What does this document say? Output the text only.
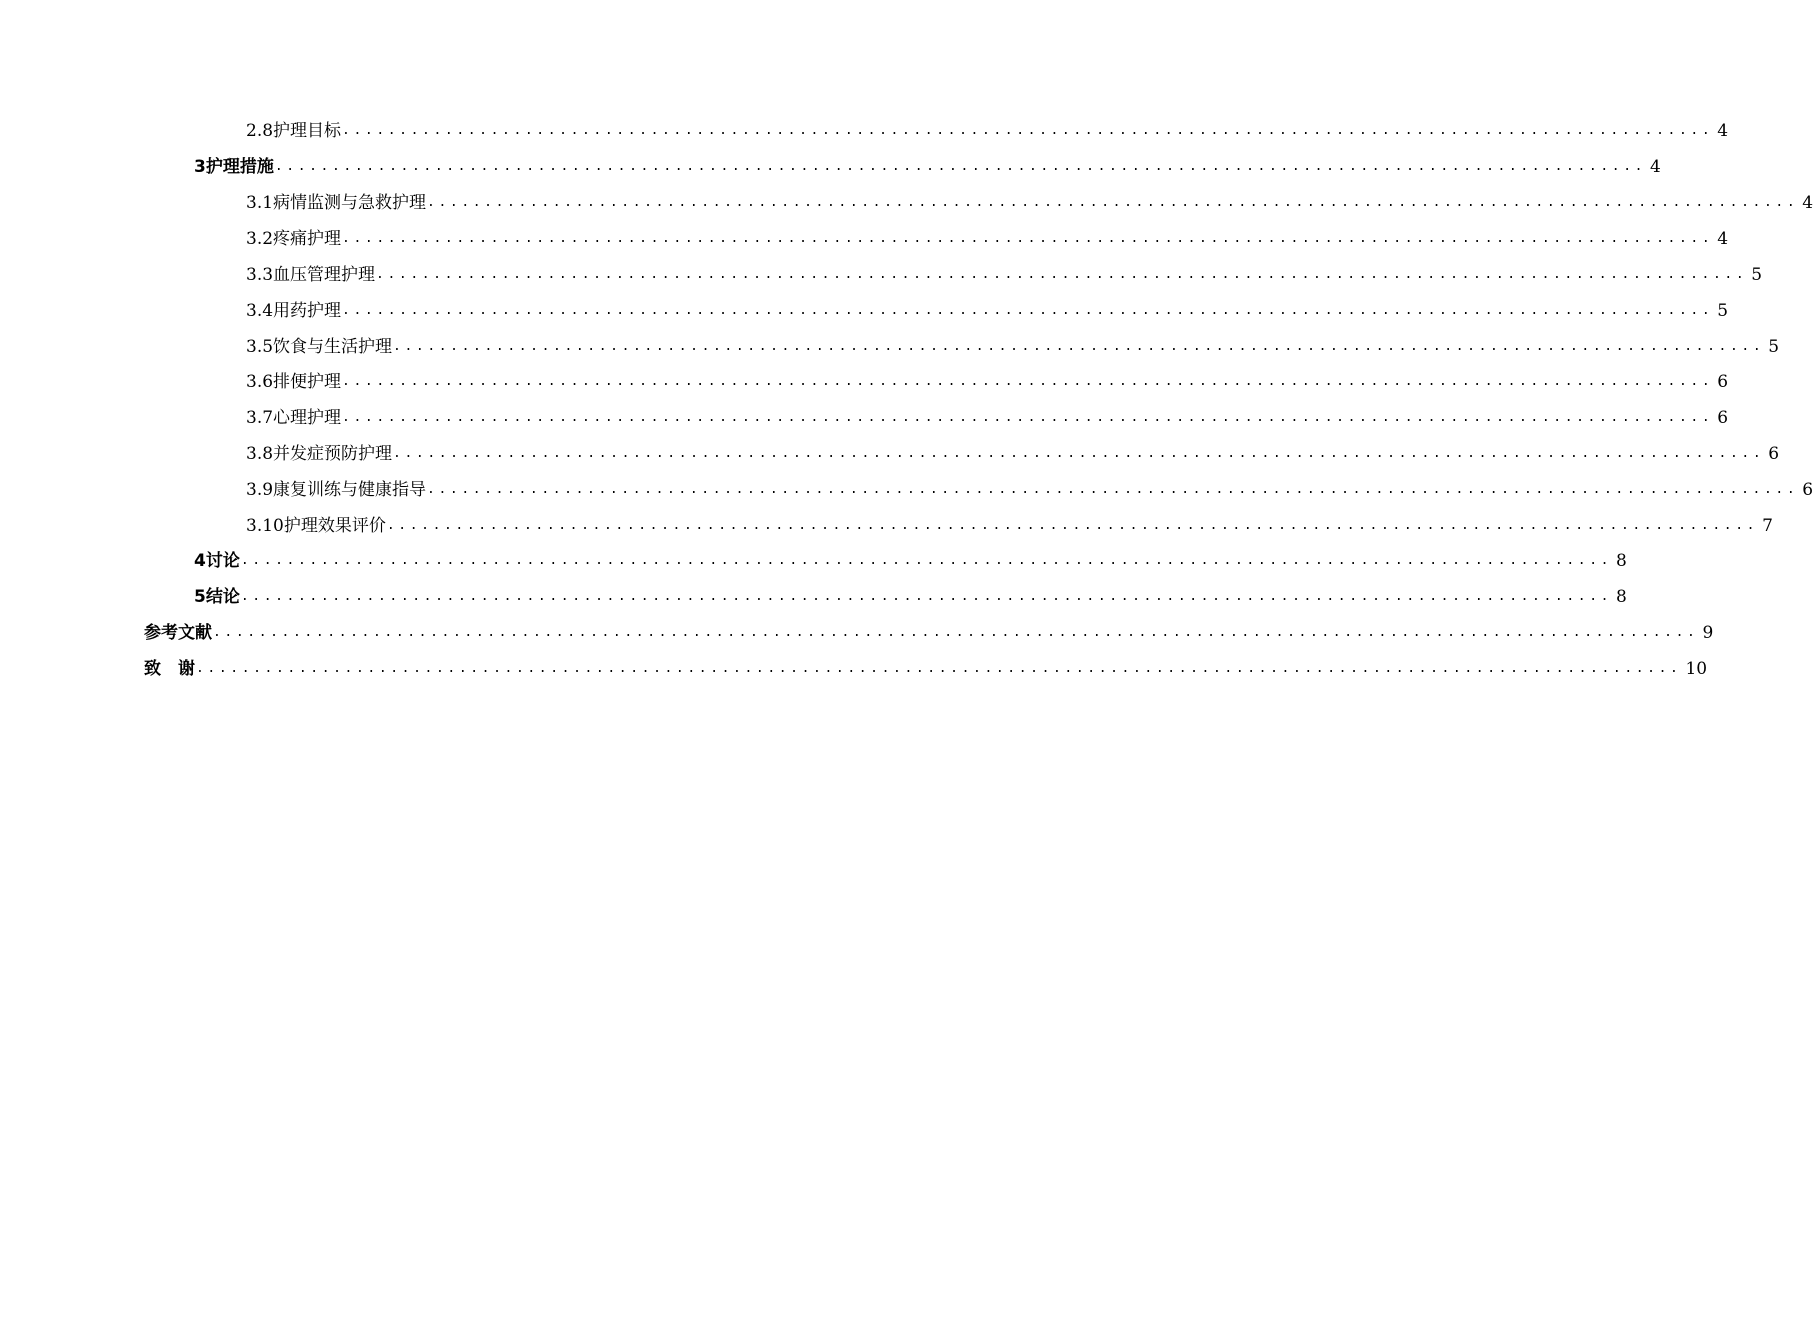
2.8 护理目标 ........................................................................................................................ 4
3 护理措施 ........................................................................................................................ 4
3.1 病情监测与急救护理 ........................................................................................................................ 4
3.2 疼痛护理 ........................................................................................................................ 4
3.3 血压管理护理 ........................................................................................................................ 5
3.4 用药护理 ........................................................................................................................ 5
3.5 饮食与生活护理 ........................................................................................................................ 5
3.6 排便护理 ........................................................................................................................ 6
3.7 心理护理 ........................................................................................................................ 6
3.8 并发症预防护理 ........................................................................................................................ 6
3.9 康复训练与健康指导 ........................................................................................................................ 6
3.10 护理效果评价 ........................................................................................................................ 7
4 讨论 ........................................................................................................................ 8
5 结论 ........................................................................................................................ 8
参考文献 .................................................................................................................................. 9
致　谢 .................................................................................................................................. 10
